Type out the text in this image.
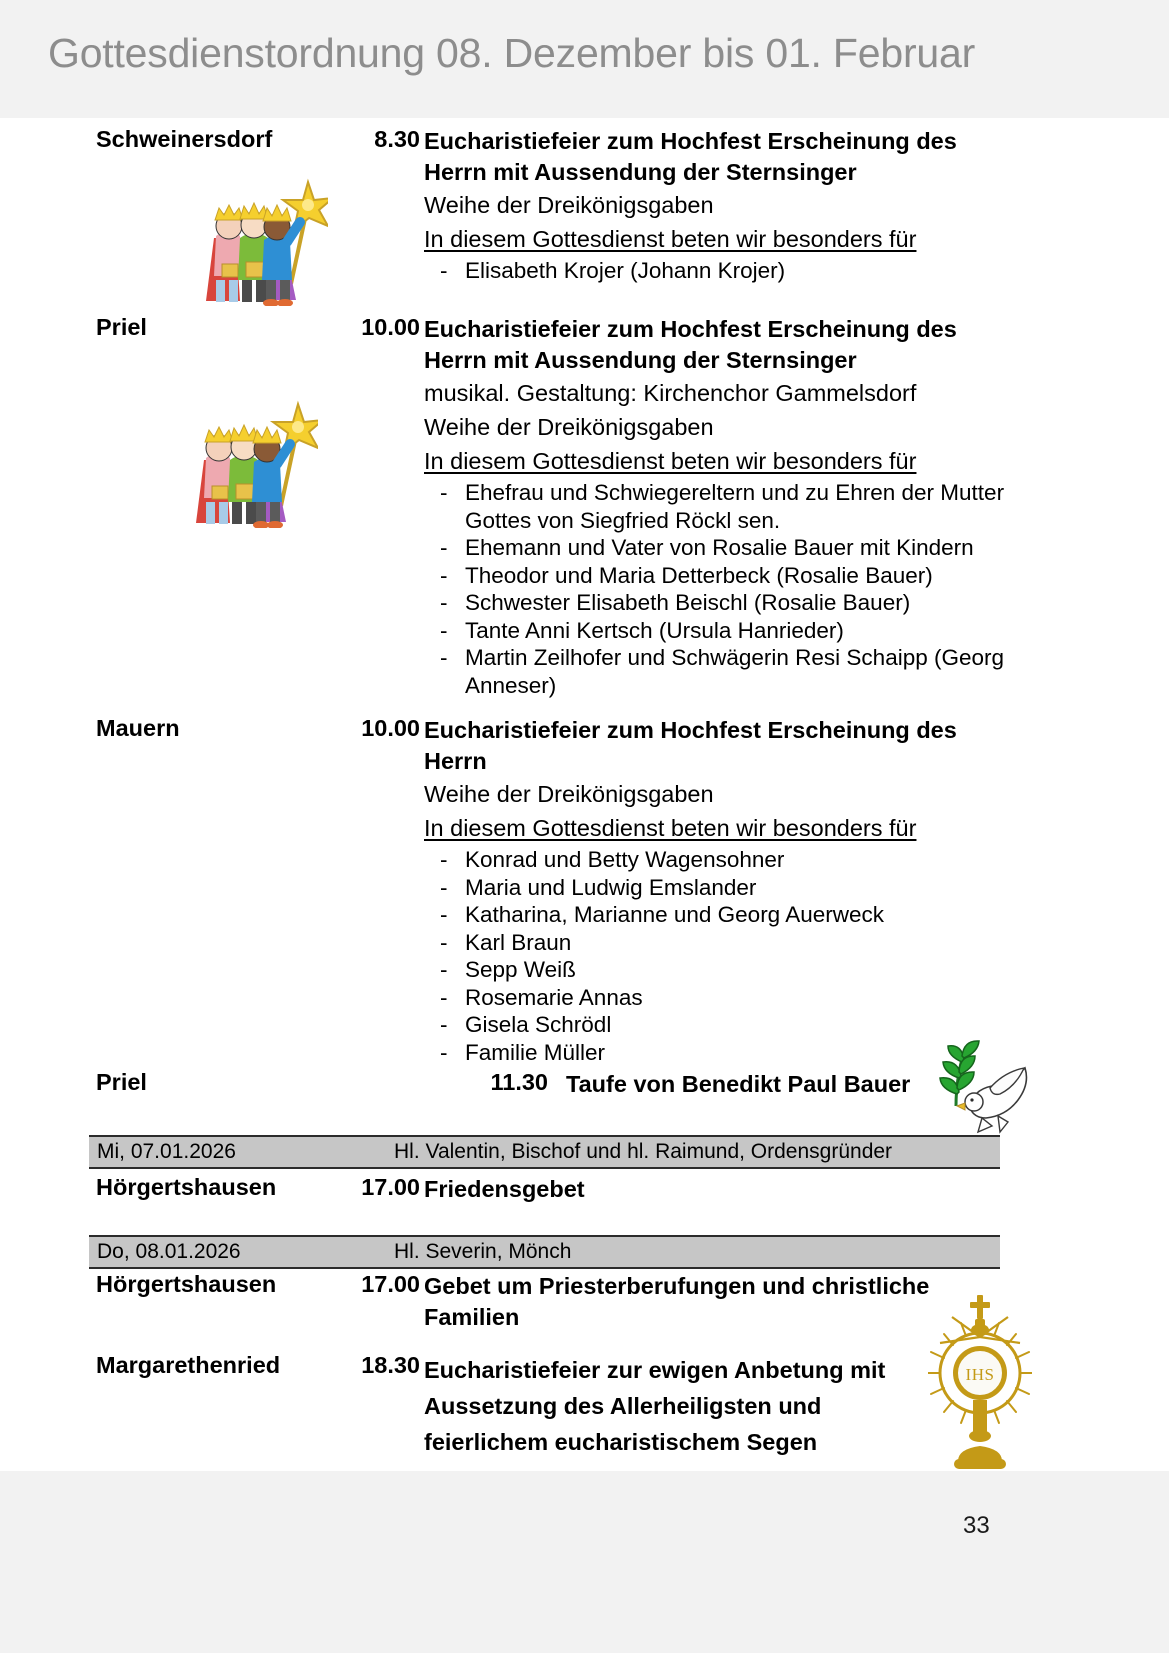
Gottesdienstordnung 08. Dezember bis 01. Februar
Schweinersdorf	8.30 Eucharistiefeier zum Hochfest Erscheinung des Herrn mit Aussendung der Sternsinger
Weihe der Dreikönigsgaben
In diesem Gottesdienst beten wir besonders für
- Elisabeth Krojer (Johann Krojer)
Priel	10.00 Eucharistiefeier zum Hochfest Erscheinung des Herrn mit Aussendung der Sternsinger
musikal. Gestaltung: Kirchenchor Gammelsdorf
Weihe der Dreikönigsgaben
In diesem Gottesdienst beten wir besonders für
- Ehefrau und Schwiegereltern und zu Ehren der Mutter Gottes von Siegfried Röckl sen.
- Ehemann und Vater von Rosalie Bauer mit Kindern
- Theodor und Maria Detterbeck (Rosalie Bauer)
- Schwester Elisabeth Beischl (Rosalie Bauer)
- Tante Anni Kertsch (Ursula Hanrieder)
- Martin Zeilhofer und Schwägerin Resi Schaipp (Georg Anneser)
Mauern	10.00 Eucharistiefeier zum Hochfest Erscheinung des Herrn
Weihe der Dreikönigsgaben
In diesem Gottesdienst beten wir besonders für
- Konrad und Betty Wagensohner
- Maria und Ludwig Emslander
- Katharina, Marianne und Georg Auerweck
- Karl Braun
- Sepp Weiß
- Rosemarie Annas
- Gisela Schrödl
- Familie Müller
Priel	11.30 Taufe von Benedikt Paul Bauer
Mi, 07.01.2026	Hl. Valentin, Bischof und hl. Raimund, Ordensgründer
Hörgertshausen	17.00 Friedensgebet
Do, 08.01.2026	Hl. Severin, Mönch
Hörgertshausen	17.00 Gebet um Priesterberufungen und christliche Familien
Margarethenried	18.30 Eucharistiefeier zur ewigen Anbetung mit Aussetzung des Allerheiligsten und feierlichem eucharistischem Segen
IHS
33
